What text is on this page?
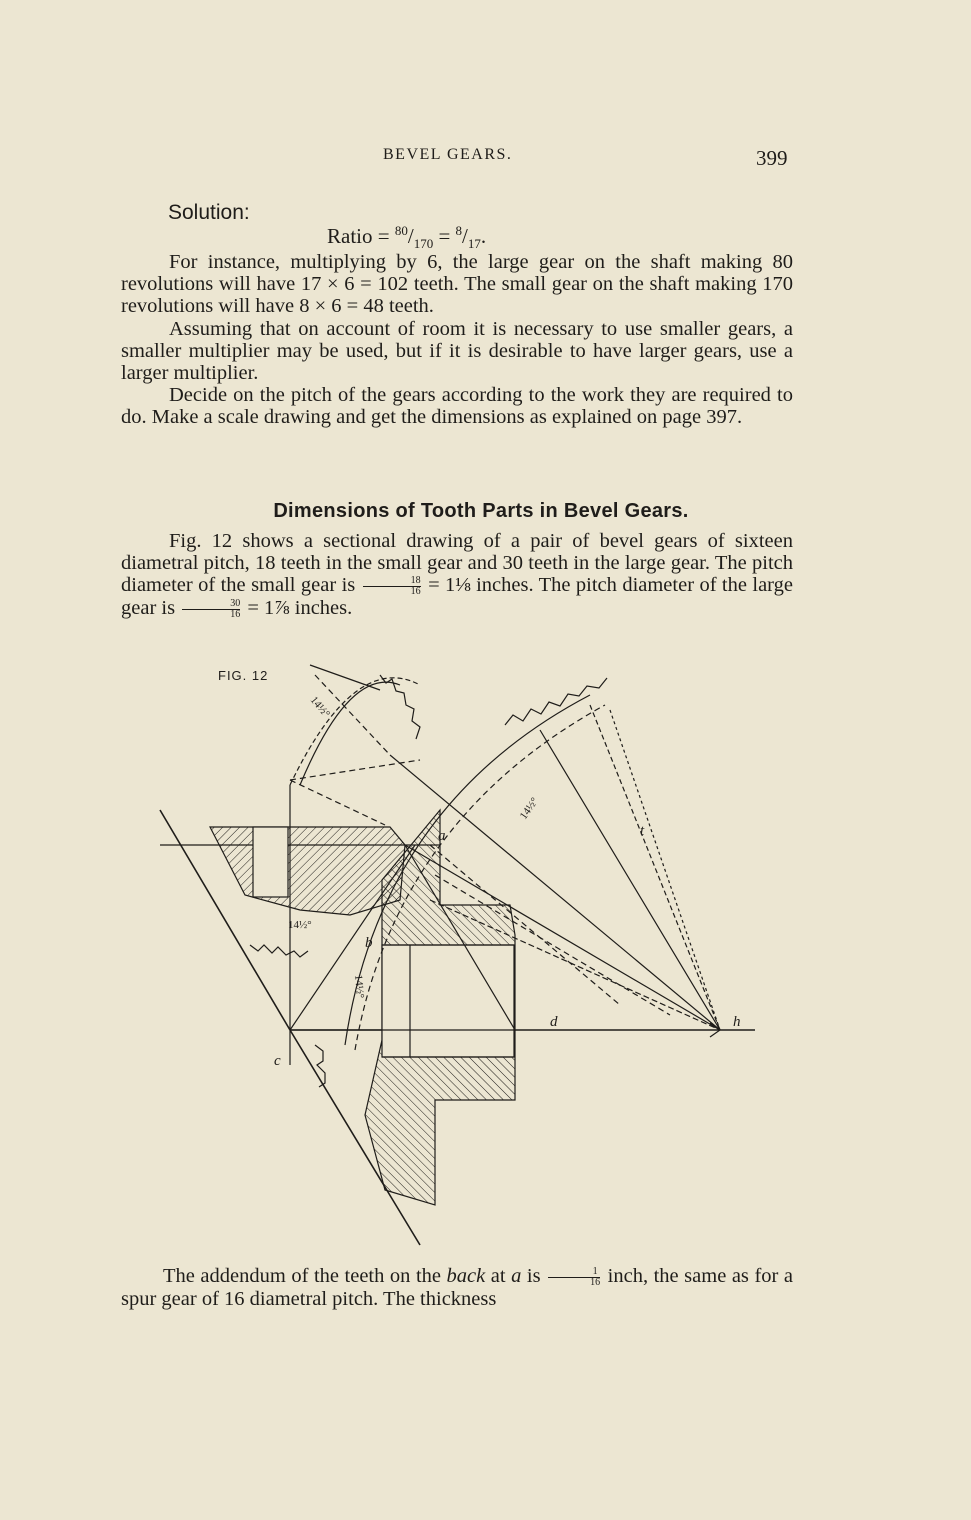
BEVEL GEARS.	399
Solution:
Ratio = $^{80}/_{170} = ^8/_{17}$.

For instance, multiplying by 6, the large gear on the shaft making 80 revolutions will have 17 × 6 = 102 teeth. The small gear on the shaft making 170 revolutions will have 8 × 6 = 48 teeth.

Assuming that on account of room it is necessary to use smaller gears, a smaller multiplier may be used, but if it is desirable to have larger gears, use a larger multiplier.

Decide on the pitch of the gears according to the work they are required to do. Make a scale drawing and get the dimensions as explained on page 397.

Dimensions of Tooth Parts in Bevel Gears.

Fig. 12 shows a sectional drawing of a pair of bevel gears of sixteen diametral pitch, 18 teeth in the small gear and 30 teeth in the large gear. The pitch diameter of the small gear is $\frac{18}{16}$ = 1⅛ inches. The pitch diameter of the large gear is $\frac{30}{16}$ = 1⅞ inches.

FIG. 12
a
b
c
d	h
t
14½°
14½°
14½°
14½°

The addendum of the teeth on the back at a is $\frac{1}{16}$ inch, the same as for a spur gear of 16 diametral pitch. The thickness
